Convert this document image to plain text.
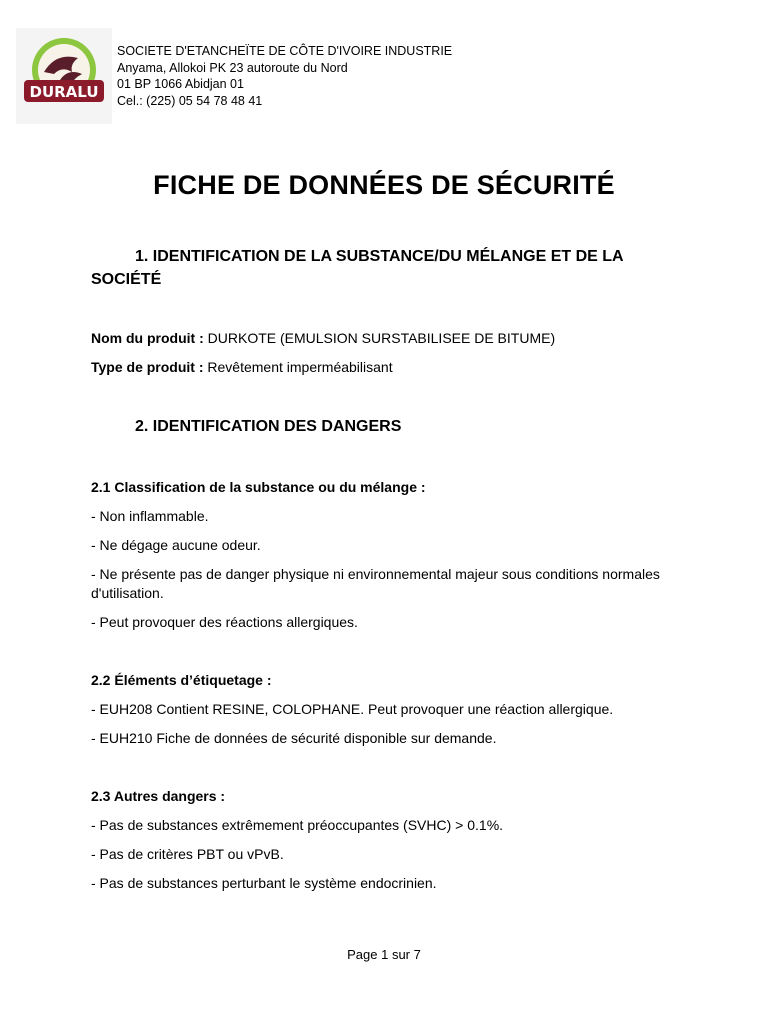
DURALU
SOCIETE D'ETANCHEÏTE DE CÔTE D'IVOIRE INDUSTRIE
Anyama, Allokoi PK 23 autoroute du Nord
01 BP 1066 Abidjan 01
Cel.: (225) 05 54 78 48 41
FICHE DE DONNÉES DE SÉCURITÉ
1. IDENTIFICATION DE LA SUBSTANCE/DU MÉLANGE ET DE LA
SOCIÉTÉ
Nom du produit : DURKOTE (EMULSION SURSTABILISEE DE BITUME)
Type de produit : Revêtement imperméabilisant
2. IDENTIFICATION DES DANGERS
2.1 Classification de la substance ou du mélange :
- Non inflammable.
- Ne dégage aucune odeur.
- Ne présente pas de danger physique ni environnemental majeur sous conditions normales d'utilisation.
- Peut provoquer des réactions allergiques.
2.2 Éléments d’étiquetage :
- EUH208 Contient RESINE, COLOPHANE. Peut provoquer une réaction allergique.
- EUH210 Fiche de données de sécurité disponible sur demande.
2.3 Autres dangers :
- Pas de substances extrêmement préoccupantes (SVHC) > 0.1%.
- Pas de critères PBT ou vPvB.
- Pas de substances perturbant le système endocrinien.
Page 1 sur 7
